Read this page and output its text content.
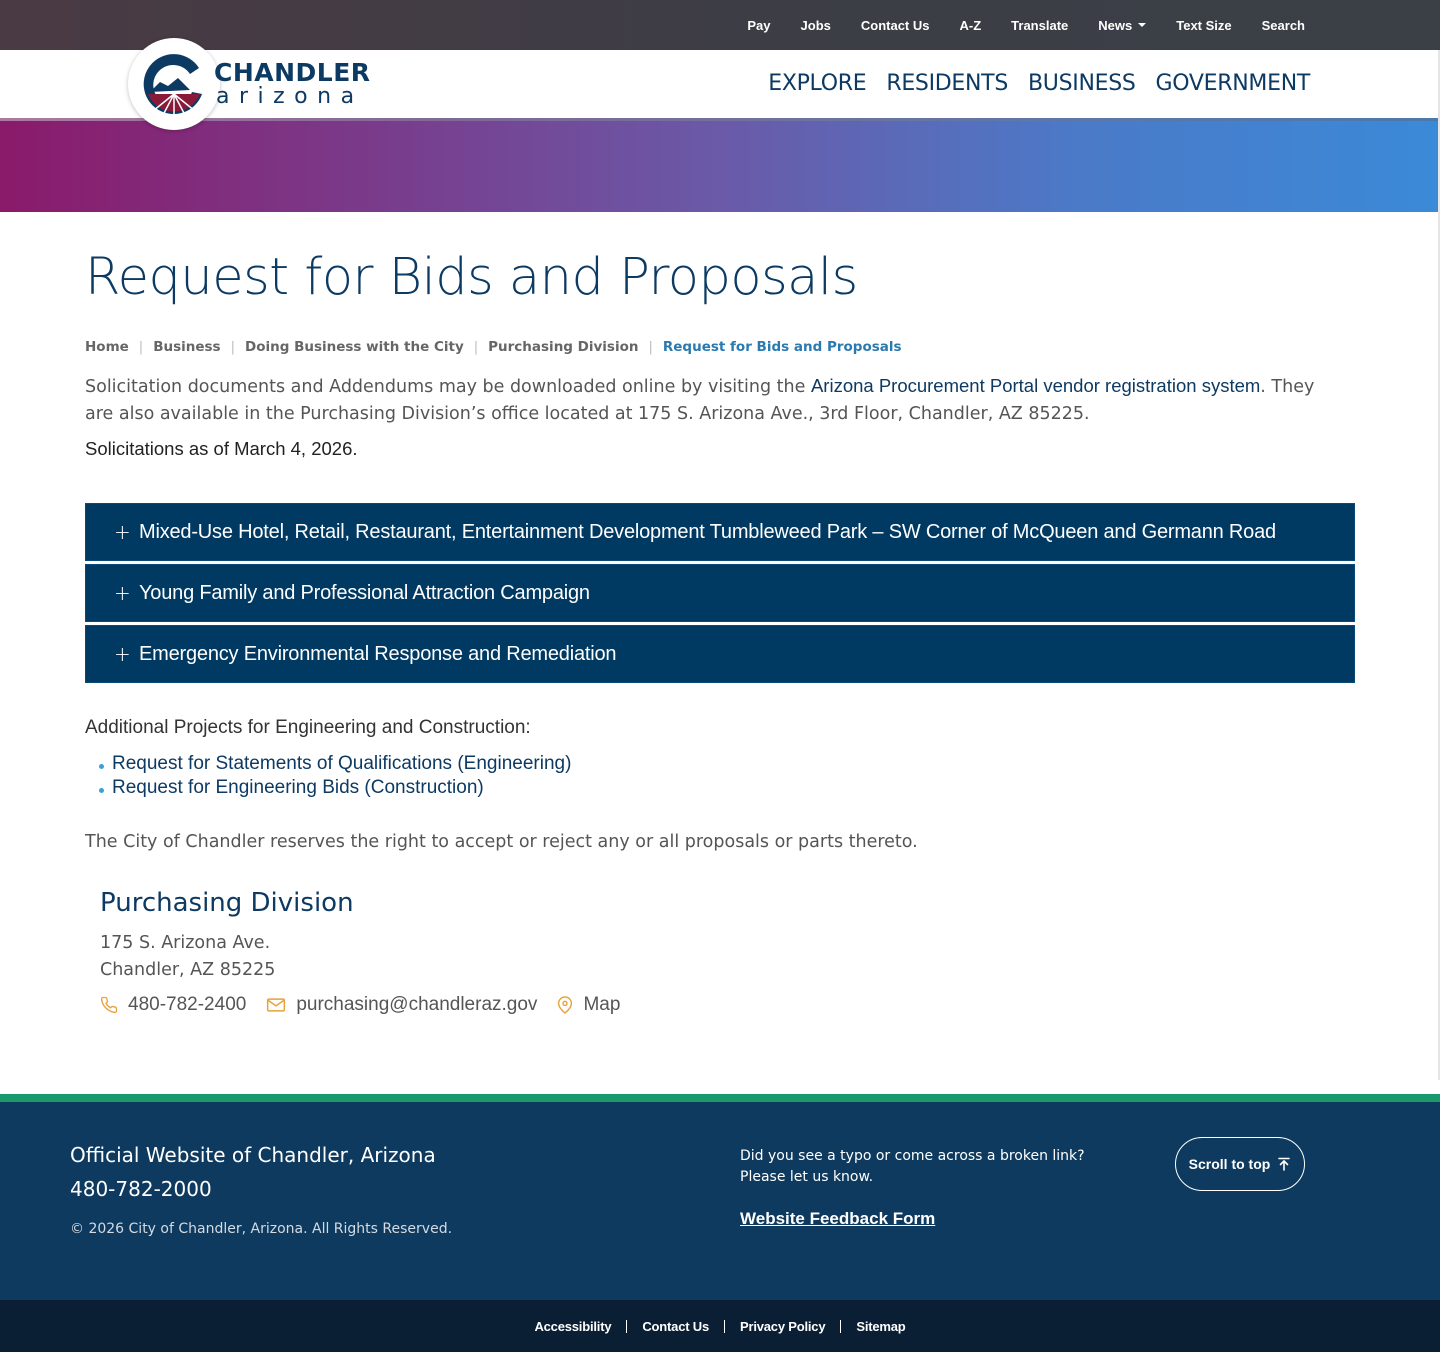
Pay Jobs Contact Us A-Z Translate News	Text Size Search
CHANDLER
arizona
EXPLORE RESIDENTS BUSINESS GOVERNMENT
Request for Bids and Proposals
Home | Business | Doing Business with the City | Purchasing Division | Request for Bids and Proposals

Solicitation documents and Addendums may be downloaded online by visiting the Arizona Procurement Portal vendor registration system. They are also available in the Purchasing Division’s office located at 175 S. Arizona Ave., 3rd Floor, Chandler, AZ 85225.

Solicitations as of March 4, 2026.

+ Mixed-Use Hotel, Retail, Restaurant, Entertainment Development Tumbleweed Park – SW Corner of McQueen and Germann Road
+ Young Family and Professional Attraction Campaign
+ Emergency Environmental Response and Remediation

Additional Projects for Engineering and Construction:

Request for Statements of Qualifications (Engineering)
Request for Engineering Bids (Construction)

The City of Chandler reserves the right to accept or reject any or all proposals or parts thereto.

Purchasing Division
175 S. Arizona Ave.
Chandler, AZ 85225
480-782-2400	purchasing@chandleraz.gov Map
Official Website of Chandler, Arizona
480-782-2000
© 2026 City of Chandler, Arizona. All Rights Reserved.
Did you see a typo or come across a broken link?
Please let us know.
Website Feedback Form
Scroll to top
Accessibility	Contact Us	Privacy Policy	Sitemap
